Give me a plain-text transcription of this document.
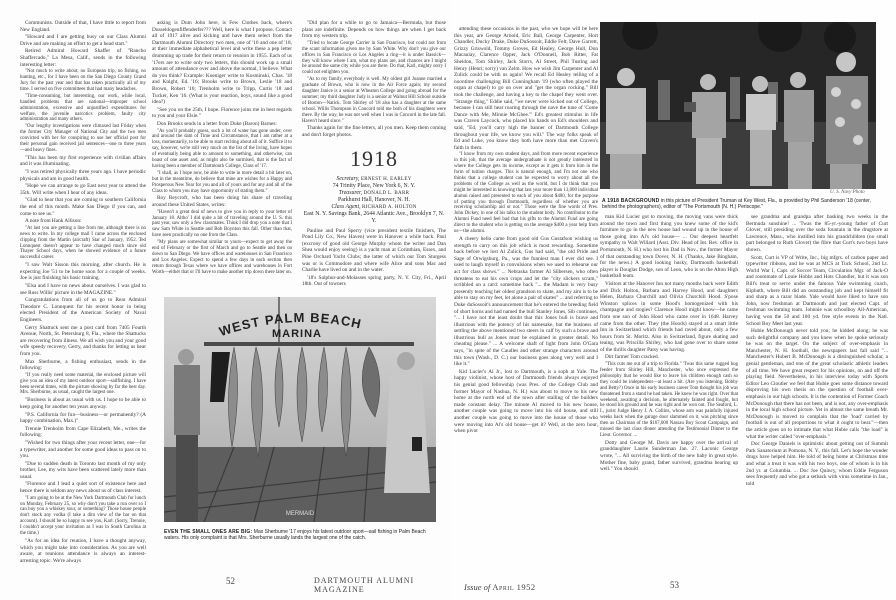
Communists. Outside of that, I have little to report from New England.

"Howard and I are getting busy on our Class Alumni Drive and are making an effort to get a head start."

Retired Admiral Howard Shaffer of "Rancho Shaffercado," La Mesa, Calif., sends in the following interesting letter:

"Not much to write about, no European trip, no fishing, no hunting, etc., for I have been on the San Diego County Grand Jury for the past year and that has taken practically all of my time. I served on five committees that had many headaches.

"Time-consuming, but interesting, our work, while local, handled problems that are national—improper school administration, excessive and unjustified expenditures for welfare, the juvenile narcotics problem, faulty city administration and many others.

"Our lengthy investigations were climaxed last Friday when the former City Manager of National City and the two men convicted with her for conspiring to use her official post for their personal gain received jail sentences—one to three years—and heavy fines.

"This has been my first experience with civilian affairs and it was illuminating.

"I was retired physically three years ago. I have periodic physicals and am in good health.

"Hope we can arrange to go East next year to attend the 35th. Will write when I hear of any ideas.

"Glad to hear that you are coming to southern California the end of this month. Make San Diego if you can, and come to see us."

A note from Hank Allison:

"At last you are getting a line from me, although there is no news to write. In my college mail I came across the enclosed clipping from the Martin (aircraft) Star of January, 1952. Ted Lonnquest doesn't appear to have changed much since old Thayer School days, when he showed evidence of a future successful career.

"I saw Walt Sisson this morning, after church. He is expecting Joe '51 to be home soon for a couple of weeks. Joe is just finishing his basic training.

"Elsa and I have no news about ourselves. I was glad to see Russ Willis' picture in the MAGAZINE."

Congratulations from all of us go to Rear Admiral Theodore C. Lonnquest for his recent honor in being elected President of the American Society of Naval Engineers.

Gerry Shattuck sent me a post card from 7405 Fourth Avenue, North, St. Petersburg 8, Fla., where the Shattucks are recovering from illness. We all wish you and your good wife speedy recovery, Gerry, and thanks for letting us hear from you.

Max Sherburne, a fishing enthusiast, sends in the following:

"If you really need some material, the enclosed picture will give you an idea of my latest outdoor sport—sailfishing. I have been several times, with the picture showing by far the best day. Mrs. Sherburne, as usual, caught the largest one.

"Business is about as usual with us. I hope to be able to keep going for another ten years anyway.

"P.S. California for fun—business—or permanently? (A happy combination, Max.)"

Trennie Trenholm from Cape Elizabeth, Me., writes the following:

"Wished for two things after your recent letter, one—for a typewriter, and another for some good ideas to pass on to you.

"Due to sudden death in Toronto last month of my only brother, Lee, my wits have been scattered lately more than usual.

"Florence and I lead a quiet sort of existence here and hence there is seldom any news about us of class interest.

"I am going to be at the New York Dartmouth Club for lunch on Monday, February 25, so why don't you take a run over so I can buy you a whiskey sour, or something? Those house people don't stock any vodka (I take a dim view of the bar on that account). I should be so happy to see you, Karl. (Sorry, Trennie, I couldn't accept your invitation as I was in South Carolina at the time.)

"As for an idea for reunion, I have a thought anyway, which you might take into consideration. As you are well aware, at reunions attendance is always an interest-arresting topic. We're always

asking is Dum John here, is Few Clothes back, where's Dusseldogenfiffenderfer??? Well, here is what I propose. Contact all of 1917 alive and kicking and have them select from the Dartmouth Alumni Directory two men, one of '16 and one of '18, at their immediate alphabetical level and write these a pep letter drumming up trade for their return to reunion in 1955. Each of us '17ers are to write only two letters, this should work up a small amount of attendance over and above the normal, I believe. What do you think? Example: Koeniger write to Kosminski, Chas. '18 and Knight, Ed. '16; Brooks write to Brown, Leslie '18 and Brown, Robert '16; Trenholm write to Tripp, Curtis '18 and Tucker, Ken '16. (What is your reaction, boys, sound like a good idea?)

"See you on the 25th, I hope. Florence joins me in best regards to you and your Elsie."

Don Brooks sends in a letter from Duke (Baron) Barnes:

"As you'll probably guess, such a lot of water has gone under, over and around the dam of Time and Circumstance, that I am rather at a loss, momentarily, to be able to start reciting about all of it. Suffice it to say, however, we're still very much on the list of the living, have hopes of eventually being able to amount to something, and otherwise, can boast of one asset and, as might also be surmised, that is the fact of having been a member of Dartmouth College, Class of '17.

"I shall, as I hope now, be able to write in more detail a bit later on, but in the meantime, do believe that mine are wishes for a Happy and Prosperous New Year for you and all of yours and for any and all of the Class to whom you may have opportunity of stating them."

Roy Reycroft, who has been doing his share of traveling around these United States, writes:

"Haven't a great deal of news to give you in reply to your letter of January 18. Altho' I did quite a bit of traveling around the U. S. this past year, saw only a few classmates. Think I did drop you a note that I saw Sam White in Seattle and Bob Boynton this fall. Other than that, have seen practically no one from the Class.

"My plans are somewhat similar to yours—expect to get away the end of February or the first of March and go to Seattle and then on down to San Diego. We have offices and warehouses in San Francisco and Los Angeles. Expect to spend a few days in each section then return through Texas where we have offices and warehouses in Fort Worth—either that or I'll have to make another trip down there later on.

"Did plan for a while to go to Jamaica—Bermuda, but those plans are indefinite. Depends on how things are when I get back from my western trip.

"Tried to locate George Carrier in San Francisco, but could not from the scant information given me by Sam White. Why don't you give our offices in San Francisco or Los Angeles a ring—it is under Bassick—they will know where I am, what my plans are, and chances are I might be around the same city while you are there. Do that, Karl, mighty sorry I could not enlighten you.

"As to my family, everybody is well. My oldest girl Joanne married a graduate of Brown, who is now in the Air Force again; my second daughter Janice is a senior at Wheaton College and going abroad for the summer; my third daughter Judy is a senior at Walnut Hill School outside of Boston—Natick. Tom Shirley of '18 also has a daughter at the same school. Willis Thompson in Concord told me both of his daughters were there. By the way, he was not well when I was in Concord in the late fall. Haven't heard since."

Thanks again for the fine letters, all you men. Keep them coming and don't forget photos.

1918
Secretary, ERNEST H. EARLEY
74 Trinity Place, New York 6, N. Y.
Treasurer, DONALD L. BARR
Parkhurst Hall, Hanover, N. H.
Class Agent, RICHARD A. HOLTON
East N. Y. Savings Bank, 2644 Atlantic Ave., Brooklyn 7, N. Y.

Pauline and Paul Sperry (vice president textile finishers, The Pond Lily Co., New Haven) were in Hanover a while back. Paul (excrony of good old George Murphy whom the writer and Dan Shea would enjoy seeing) is a yacht man at Corinthian, Essex, and Pine Orchard Yacht Clubs; the latter of which our Tom Sturgess was or is Commodore and where wife Alice and sons Mac and Charlie have lived on and in the water.

'18's Sulphur-and-Molasses spring party, N. Y. City, Fri., April 18th. Out of towners

WEST PALM BEACH
MARINA
MERMAID
EVEN THE SMALL ONES ARE BIG: Max Sherburne '17 enjoys his latest outdoor sport—sail fishing in Palm Beach waters. His only complaint is that Mrs. Sherburne usually lands the largest one of the catch.
52	DARTMOUTH ALUMNI MAGAZINE

attending these occasions in the past, who we hope will be here this year, are George Arnold, Eric Ball, George Carpenter, Hort Chandler, Ducky Drake, Duke DuSossoit, Eddie Felt, Dave Garrett, Grizzy Griswold, Tommy Groves, Ed Healey, George Hull, Don Macaulay, Clarence Opper, Jack O'Donnell, Bob Ritter, Fat Sheldon, Tom Shirley, Jack Storrs, Al Street, Phil Tusting and Henry (Henri; sorry) van Zelm. How we wish Jim Carpenter and Al Zulick could be with us again! We recall Ed Healey telling of a noontime challenging Bill Cunningham '19 (who often played the organ at chapel) to go on over and "get the organ rocking." Bill took the challenge, and having a key to the chapel they went over. "Strange thing," Eddie said, "we never were kicked out of College, because I can still hear roaring through the nave the tune of 'Come Dance with Me, Minnie McGhee.'" Ed's greatest stimulus in life was Craven Laycock, who placed his hands on Ed's shoulders and said, "Ed, you'll carry high the banner of Dartmouth College throughout your life, we know you will." The way folks speak of Ed and Luke, you know they both have more than met Craven's faith in them.

"I know from my own student days, and from more recent experience in this job, that the average undergraduate is not greatly interested in where the College gets its income, except as it gets it from him in the form of tuition charges. This is natural enough, and I'm not one who thinks that a college student can be expected to worry about all the problems of the College as well as the world, but I do think that you might be interested in knowing that last year more than 13,000 individual alumni raised and presented to each of you about $400, for the purpose of putting you through Dartmouth, regardless of whether you are receiving scholarship aid or not." Those were the fine words of Pres. John Dickey, in one of his talks to the student body. No contributor to the Alumni Fund need feel bad that his gifts to the Alumni Fund are going direct to the student who is getting on the average $400 a year help from us—the alumni.

A cheery hello came from good old Gus Gustafson wishing us strength to carry on this job which is most rewarding. Sometime back before we lost Al Zulick, Gus had said, "the old Pride and Sage of Orwigsburg, Pa., was the funniest man I ever did see. I used to laugh myself in convulsions when we used to rehearse our act for class shows." ... Nebraska farmer Al Silbersen, who often threatens to eat his own crops and let the "city slickers scram," scribbled on a card: sometime back "... the Madam is very busy presently teaching her oldest grandson to skate, and my aim is to be able to stay on my feet, let alone a pair of skates" ... and referring to Duke duSossoit's announcement that he's entered the breeding field of short horns and had named the bull Stanley Jones, Sib continues, "... I have not the least doubt that this Jones bull is brave and illustrious with the potency of his namesake, but the business of settling the above mentioned two steers in calf by such a brave and illustrious bull as Jones must be explained in greater detail. No cheating please." ... A welcome shaft of light from John O'Gara says, "in spite of the Caudles and other strange characters around this town (Wash., D. C.) our business goes along very well and I like it."

Kid Lucier's Al Jr., lost to Dartmouth, is a soph at Yale. The happy violinist, whose host of Dartmouth friends always enjoyed his genial good fellowship (was Pres. of the College Club and former Mayor of Nashua, N. H.) was about to move to his new home at the north end of the town after stalling of the builders made constant delay. The minute Al moved to his new house, another couple was going to move into his old house, and still another couple was going to move into the house of those who were moving into Al's old house—get it? Well, at the zero hour, when pivot

U. S. Navy Photo
A 1918 BACKGROUND in this picture of President Truman at Key West, Fla., is provided by Phil Sanderson '18 (center, behind the photographers), editor of "The Portsmouth (N. H.) Periscope."

man Kid Lucier got to moving, the moving vans were thick around the town and first thing you knew some of the kid's furniture to go in the new house had wound up in the house of those going into Al's old house— ... Our deepest heartfelt sympathy to Walt Willard (Asst. Div. Head of Int. Rev. office in Portsmouth, N. H.) who lost his Dad in Nov., the former Mayor of that outstanding town Dover, N. H. (Thanks, Jake Bingham, for the news.) A good looking husky, Dartmouth basketball player is Douglas Dodge, son of Leon, who is on the Alton High basketball team.

Visitors at the Hanover Inn not many months back were Edith and Dick Holton, Barbara and Harvey Hood, and daughters Helen, Barbara Churchill and Olivia Churchill Hood. S'pose Winston splices in some Hood's homogenized with his champagne and stogies? Clarence Hood might know—he came from one son of John Hood who came over in 1648. Harvey came from the other. They (the Hoods) stayed at a smart little Inn in Switzerland which friends had raved about, only a few hours from St. Moritz. Also in Switzerland, figure skating and teaing, was Priscilla Shirley, who had gone over to share some of the thrills daughter Patsy was having.

Dirt farmer Tom cracked.

"This cuts me out of a trip to Florida." 'Twas this same rugged hog feeder from Shirley Hill, Manchester, who once expressed the philosophy that he would like to leave his children enough cash so they could be independent—at least a bit. (Are you listening, Bobby and Betty?) Once in his early business career Tom thought his job was threatened from a stand he had taken. He knew he was right. Over that weekend, awaiting a decision, he alternately fainted and fought, but he stood his ground and he was right and he won out. The Seaford, L. I., jurist Judge Henry J. A. Collins, whose arm was painfully injured weeks back when the garage door slammed on it, was pitching since then as Chairman of the $167,000 Nassau Boy Scout Campaign, and missed the last class dinner attending the Testimonial Dinner to the Lieut. Governor. ...

Dotty and George M. Davis are happy over the arrival of granddaughter Laurie Sunderman Jan. 27. Laconic George wrote, "... All surviving the birth of the new baby in great style. Mother fine, baby grand, father survived, grandma bearing up well." You should

see grandma and grandpa after basking two weeks in the Bermuda sunshine! ... 'Twas the 85-yr.-young father of Curt Glover, still presiding over the soda fountain in the drugstore at Lawrence, Mass., who instilled into his grandchildren (no small part belonged to Ruth Glover) the fibre that Curt's two boys have shown.

Scott, Curt is VP of Write, Inc., big mfgrs. of carbon paper and typewriter ribbons, and he was at MCS at Tuck School, 2nd Lt. World War I, Capt. of Soccer Team, Circulation Mgr. of Jack-O and roommate of Louie Hobbs and Hots Chandler, but it was son Bill's treat to serve under the famous Yale swimming coach, Kiphuth, where Bill did an outstanding job and kept himself fit and sharp as a razor blade. Yale would have liked to have son John, now freshman at Dartmouth and just elected Capt. of freshman swimming team. Johnnie was schoolboy All-American, having won the 50 and 100 yd. free style events in the Natl. School Boy Meet last year.

Hubie McDonough never told you; he kidded along; he was such delightful company and you knew when he spoke seriously he was on the target. On the subject of over-emphasis in Manchester, N. H. football, the newspapers last fall said "... Manchester's Hubert B. McDonough is a distinguished scholar, a genial gentleman, and one of the great scholastic athletic leaders of all time. We have great respect for his opinions, on and off the playing field. Nevertheless, in his interview today with Sports Editor Leo Cloutier we feel that Hubie goes some distance toward disproving his own thesis on the question of football over-emphasis in our high schools. It is the contention of Former Coach McDonough that there has not been, and is not, any over-emphasis in the local high school picture. Yet in almost the same breath Mr. McDonough is moved to complain that the 'load' carried by football is out of all proportions to what it ought to bear."—then the article goes on to intimate that what Hubie calls "the load" is what the writer called "over-emphasis."

Doc George Daniels is optimistic about getting out of Summit Park Sanatorium at Pomona, N. Y., this fall. Let's hope the wonder drugs have helped him. He told of being home at Christmas time and what a treat it was with his two boys, one of whom is in his 2nd yr. at Columbia. ... Doc Joe Quincy, whom Eddie Ferguson sees frequently and who got a setback with virus sometime in Jan., told

Issue of April 1952	53
